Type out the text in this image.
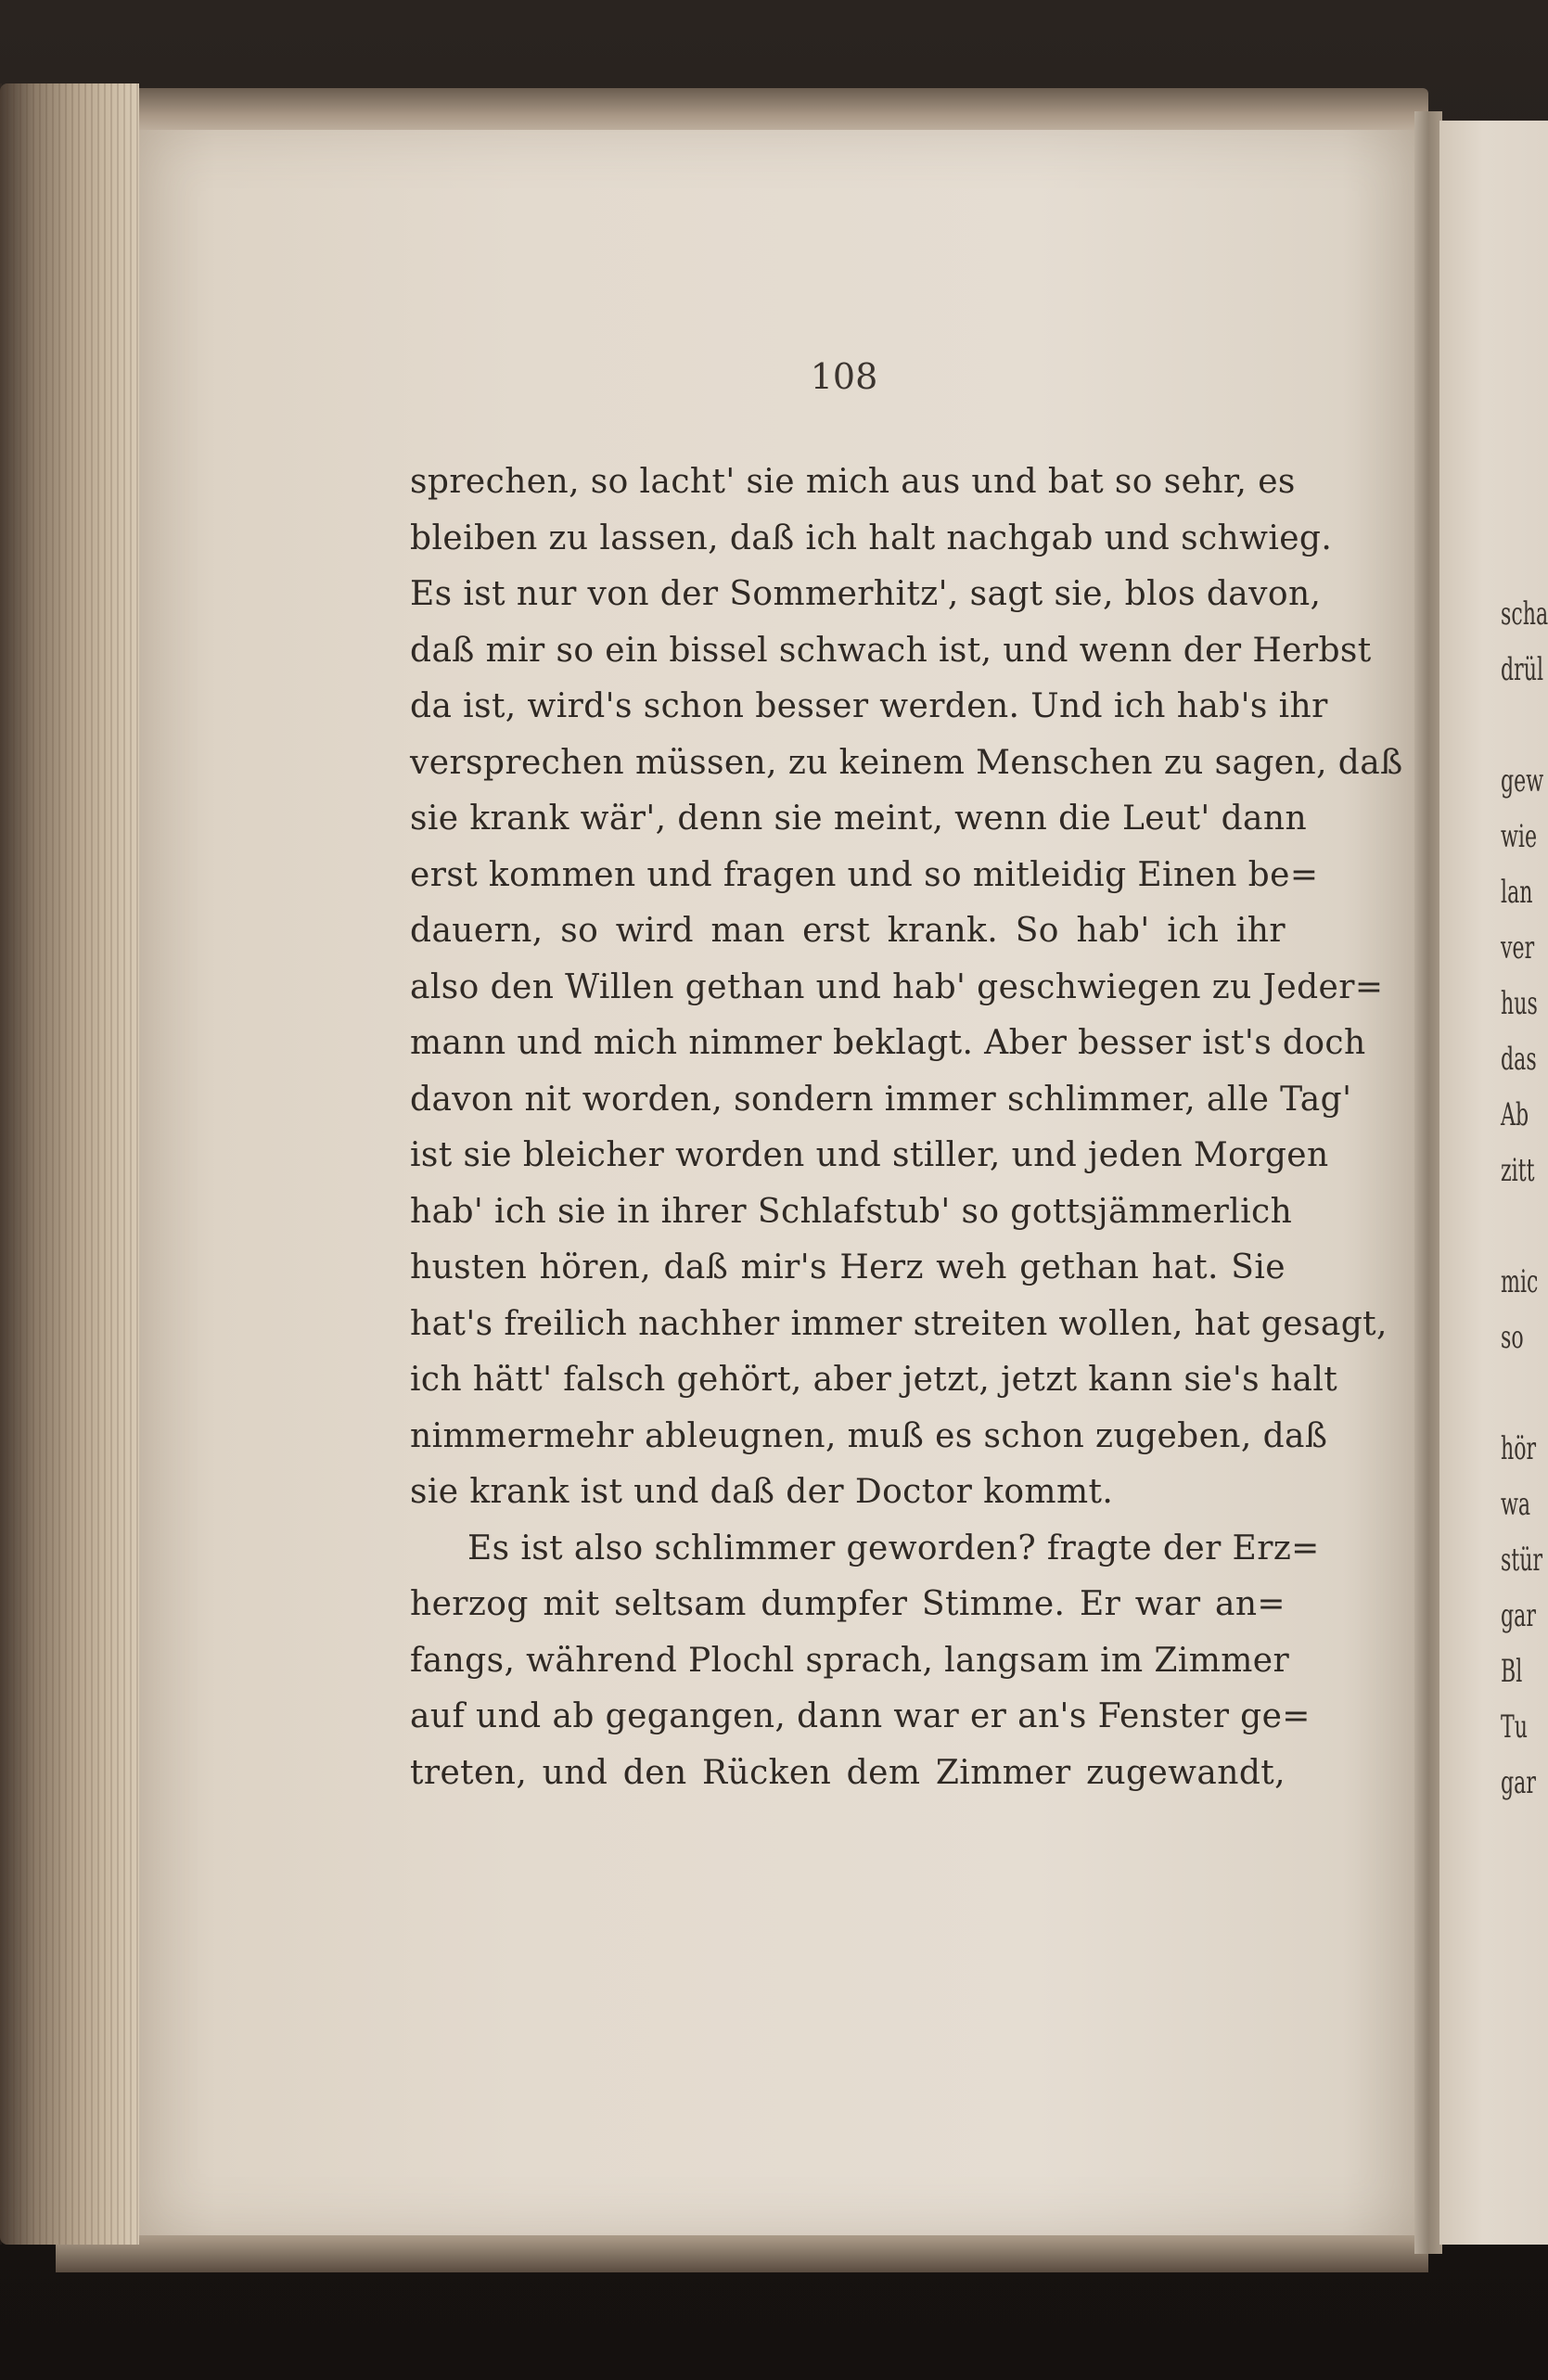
scha
drül
gew
wie
lan
ver
hus
das
Ab
zitt
mic
so
hör
wa
stür
gar
Bl
Tu
gar
108
sprechen, so lacht' sie mich aus und bat so sehr, es
bleiben zu lassen, daß ich halt nachgab und schwieg.
Es ist nur von der Sommerhitz', sagt sie, blos davon,
daß mir so ein bissel schwach ist, und wenn der Herbst
da ist, wird's schon besser werden. Und ich hab's ihr
versprechen müssen, zu keinem Menschen zu sagen, daß
sie krank wär', denn sie meint, wenn die Leut' dann
erst kommen und fragen und so mitleidig Einen be=
dauern, so wird man erst krank. So hab' ich ihr
also den Willen gethan und hab' geschwiegen zu Jeder=
mann und mich nimmer beklagt. Aber besser ist's doch
davon nit worden, sondern immer schlimmer, alle Tag'
ist sie bleicher worden und stiller, und jeden Morgen
hab' ich sie in ihrer Schlafstub' so gottsjämmerlich
husten hören, daß mir's Herz weh gethan hat. Sie
hat's freilich nachher immer streiten wollen, hat gesagt,
ich hätt' falsch gehört, aber jetzt, jetzt kann sie's halt
nimmermehr ableugnen, muß es schon zugeben, daß
sie krank ist und daß der Doctor kommt.
Es ist also schlimmer geworden? fragte der Erz=
herzog mit seltsam dumpfer Stimme. Er war an=
fangs, während Plochl sprach, langsam im Zimmer
auf und ab gegangen, dann war er an's Fenster ge=
treten, und den Rücken dem Zimmer zugewandt,
